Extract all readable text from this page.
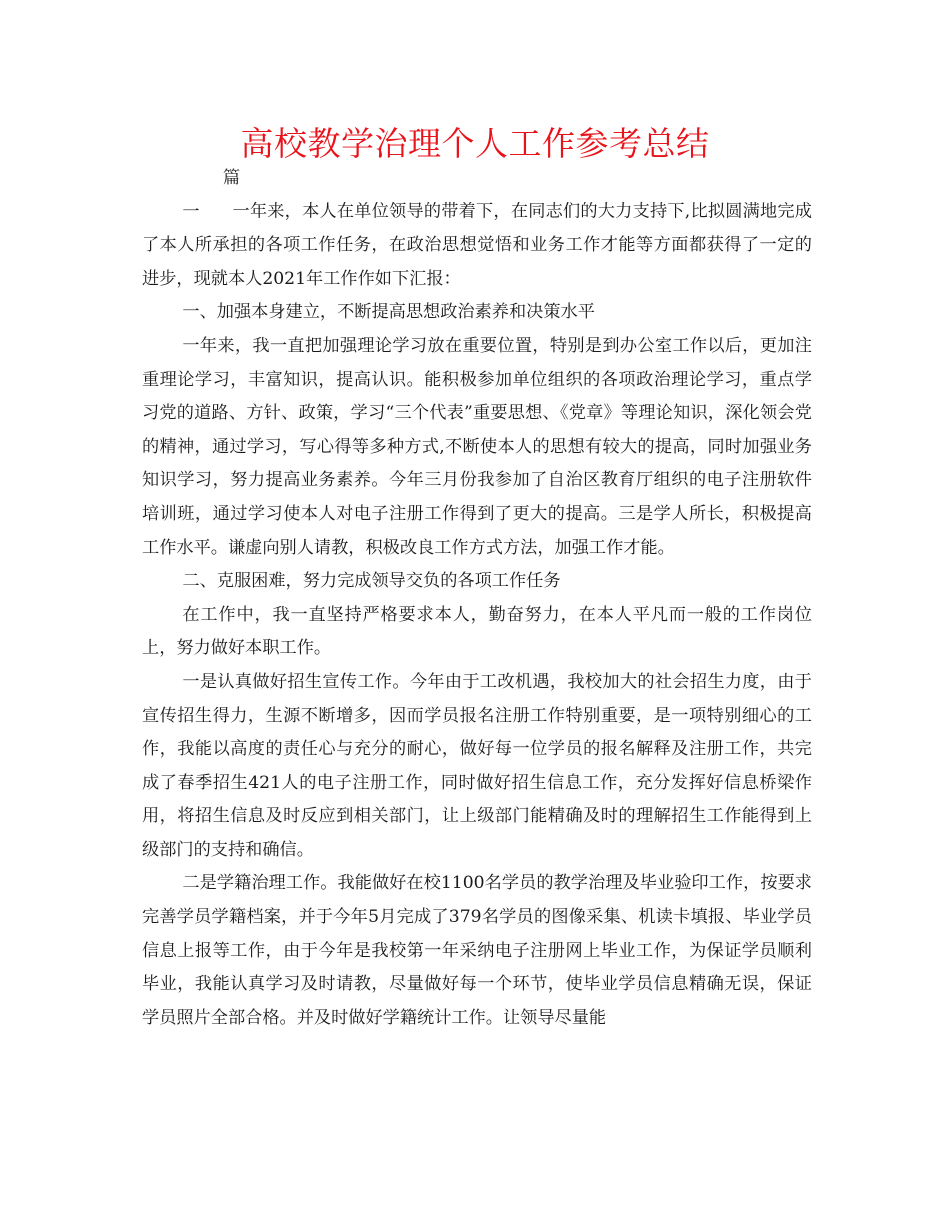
高校教学治理个人工作参考总结

篇一 一年来，本人在单位领导的带着下，在同志们的大力支持下,比拟圆满地完成了本人所承担的各项工作任务，在政治思想觉悟和业务工作才能等方面都获得了一定的进步，现就本人2021年工作作如下汇报：

一、加强本身建立，不断提高思想政治素养和决策水平

一年来，我一直把加强理论学习放在重要位置，特别是到办公室工作以后，更加注重理论学习，丰富知识，提高认识。能积极参加单位组织的各项政治理论学习，重点学习党的道路、方针、政策，学习“三个代表”重要思想、《党章》等理论知识，深化领会党的精神，通过学习，写心得等多种方式,不断使本人的思想有较大的提高，同时加强业务知识学习，努力提高业务素养。今年三月份我参加了自治区教育厅组织的电子注册软件培训班，通过学习使本人对电子注册工作得到了更大的提高。三是学人所长，积极提高工作水平。谦虚向别人请教，积极改良工作方式方法，加强工作才能。

二、克服困难，努力完成领导交负的各项工作任务

在工作中，我一直坚持严格要求本人，勤奋努力，在本人平凡而一般的工作岗位上，努力做好本职工作。

一是认真做好招生宣传工作。今年由于工改机遇，我校加大的社会招生力度，由于宣传招生得力，生源不断增多，因而学员报名注册工作特别重要，是一项特别细心的工作，我能以高度的责任心与充分的耐心，做好每一位学员的报名解释及注册工作，共完成了春季招生421人的电子注册工作，同时做好招生信息工作，充分发挥好信息桥梁作用，将招生信息及时反应到相关部门，让上级部门能精确及时的理解招生工作能得到上级部门的支持和确信。

二是学籍治理工作。我能做好在校1100名学员的教学治理及毕业验印工作，按要求完善学员学籍档案，并于今年5月完成了379名学员的图像采集、机读卡填报、毕业学员信息上报等工作，由于今年是我校第一年采纳电子注册网上毕业工作，为保证学员顺利毕业，我能认真学习及时请教，尽量做好每一个环节，使毕业学员信息精确无误，保证学员照片全部合格。并及时做好学籍统计工作。让领导尽量能
